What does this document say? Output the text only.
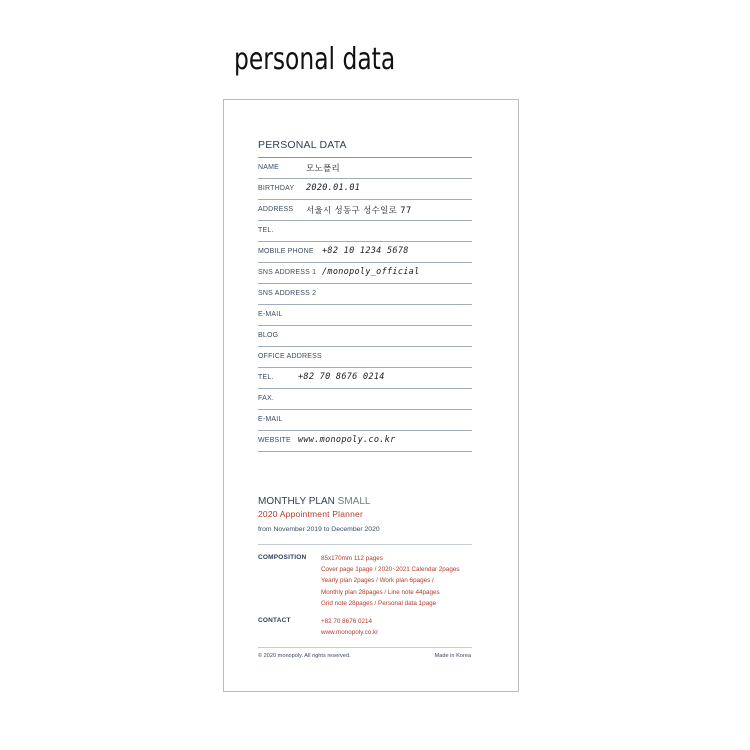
personal data
PERSONAL DATA
NAME	모노폴리
BIRTHDAY 2020.01.01
ADDRESS 서울시 성동구 성수일로 77
TEL.
MOBILE PHONE +82 10 1234 5678
SNS ADDRESS 1 /monopoly_official
SNS ADDRESS 2
E-MAIL
BLOG
OFFICE ADDRESS
TEL.	+82 70 8676 0214
FAX.
E-MAIL
WEBSITE www.monopoly.co.kr
MONTHLY PLAN SMALL
2020 Appointment Planner
from November 2019 to December 2020
COMPOSITION 85x170mm 112 pages
Cover page 1page / 2020~2021 Calendar 2pages
Yearly plan 2pages / Work plan 6pages /
Monthly plan 28pages / Line note 44pages
Grid note 28pages / Personal data 1page
CONTACT	+82 70 8676 0214
www.monopoly.co.kr
© 2020 monopoly. All rights reserved.	Made in Korea
